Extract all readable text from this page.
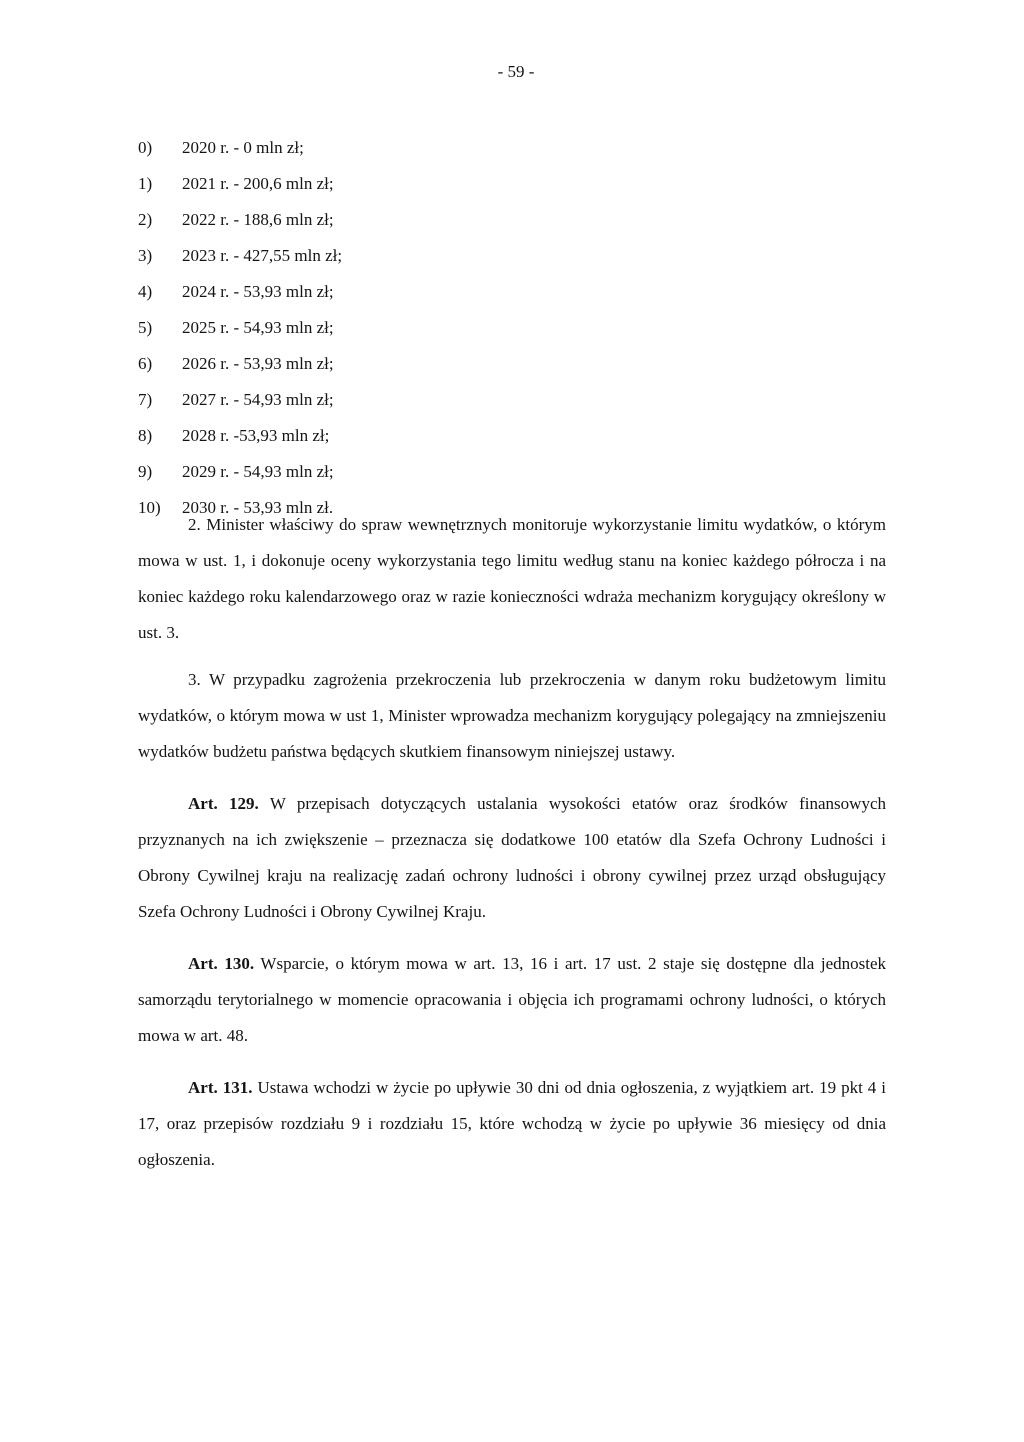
- 59 -
0) 2020 r. - 0 mln zł;
1) 2021 r. - 200,6 mln zł;
2) 2022 r. - 188,6 mln zł;
3) 2023 r. - 427,55 mln zł;
4) 2024 r. - 53,93 mln zł;
5) 2025 r. - 54,93 mln zł;
6) 2026 r. - 53,93 mln zł;
7) 2027 r. - 54,93 mln zł;
8) 2028 r. -53,93 mln zł;
9) 2029 r. - 54,93 mln zł;
10) 2030 r. - 53,93 mln zł.

2. Minister właściwy do spraw wewnętrznych monitoruje wykorzystanie limitu wydatków, o którym mowa w ust. 1, i dokonuje oceny wykorzystania tego limitu według stanu na koniec każdego półrocza i na koniec każdego roku kalendarzowego oraz w razie konieczności wdraża mechanizm korygujący określony w ust. 3.

3. W przypadku zagrożenia przekroczenia lub przekroczenia w danym roku budżetowym limitu wydatków, o którym mowa w ust 1, Minister wprowadza mechanizm korygujący polegający na zmniejszeniu wydatków budżetu państwa będących skutkiem finansowym niniejszej ustawy.

Art. 129. W przepisach dotyczących ustalania wysokości etatów oraz środków finansowych przyznanych na ich zwiększenie – przeznacza się dodatkowe 100 etatów dla Szefa Ochrony Ludności i Obrony Cywilnej kraju na realizację zadań ochrony ludności i obrony cywilnej przez urząd obsługujący Szefa Ochrony Ludności i Obrony Cywilnej Kraju.

Art. 130. Wsparcie, o którym mowa w art. 13, 16 i art. 17 ust. 2 staje się dostępne dla jednostek samorządu terytorialnego w momencie opracowania i objęcia ich programami ochrony ludności, o których mowa w art. 48.

Art. 131. Ustawa wchodzi w życie po upływie 30 dni od dnia ogłoszenia, z wyjątkiem art. 19 pkt 4 i 17, oraz przepisów rozdziału 9 i rozdziału 15, które wchodzą w życie po upływie 36 miesięcy od dnia ogłoszenia.
